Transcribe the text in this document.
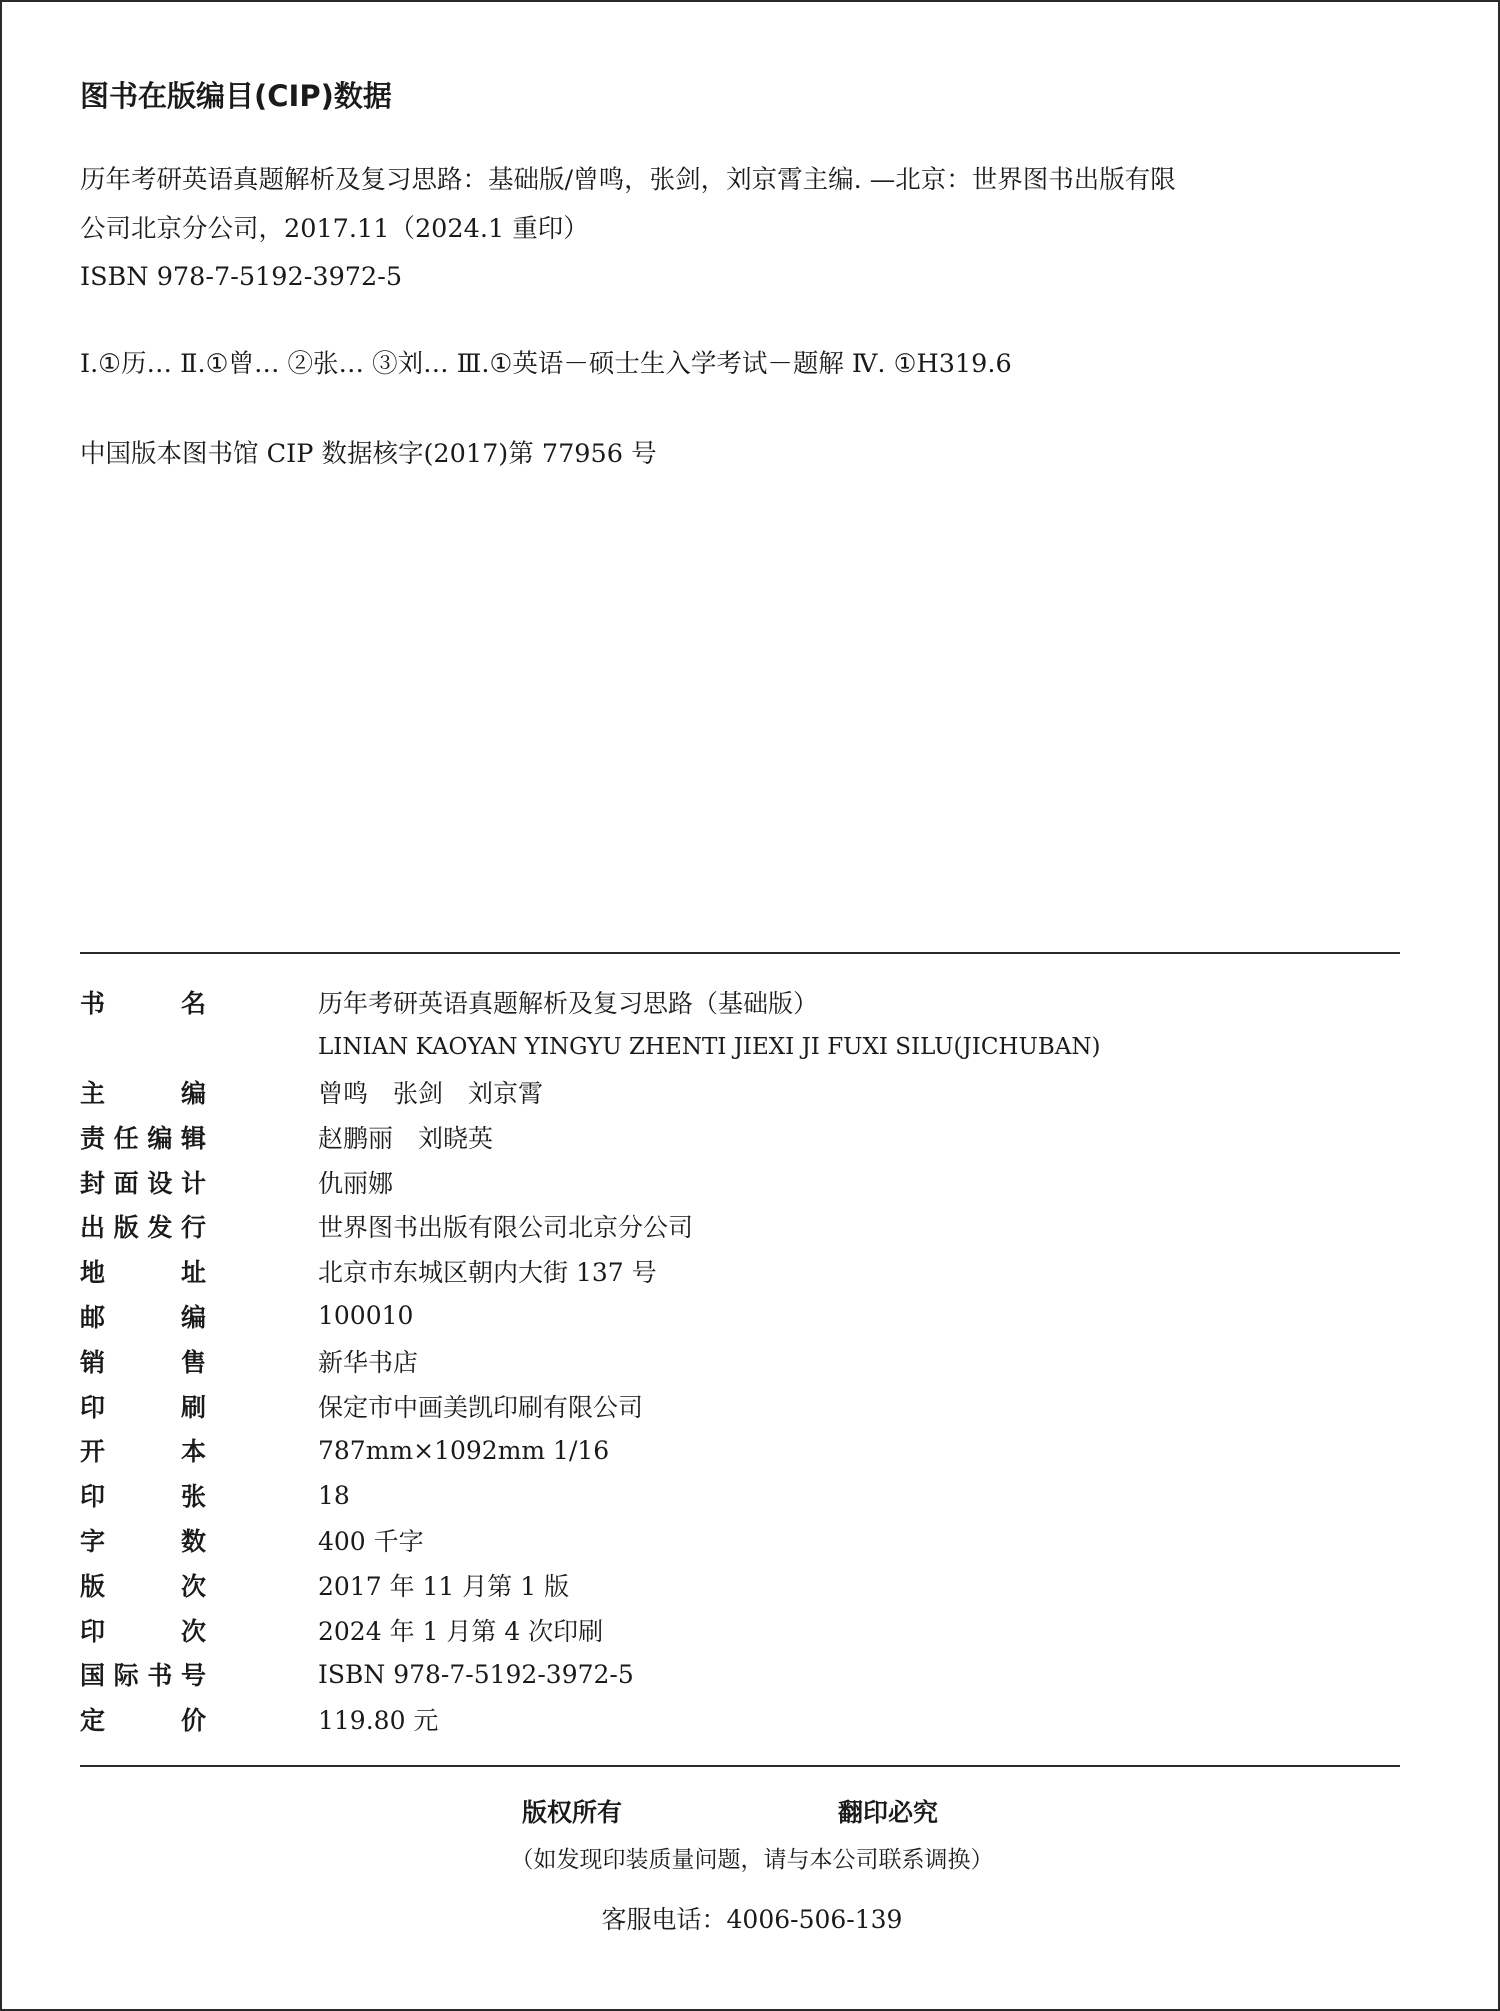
图书在版编目(CIP)数据
历年考研英语真题解析及复习思路：基础版/曾鸣，张剑，刘京霄主编. —北京：世界图书出版有限
公司北京分公司，2017.11（2024.1 重印）
ISBN 978-7-5192-3972-5
Ⅰ.①历… Ⅱ.①曾… ②张… ③刘… Ⅲ.①英语－硕士生入学考试－题解 Ⅳ. ①H319.6
中国版本图书馆 CIP 数据核字(2017)第 77956 号
书名	历年考研英语真题解析及复习思路（基础版）
LINIAN KAOYAN YINGYU ZHENTI JIEXI JI FUXI SILU(JICHUBAN)
主编	曾鸣　张剑　刘京霄
责任编辑	赵鹏丽　刘晓英
封面设计	仇丽娜
出版发行	世界图书出版有限公司北京分公司
地址	北京市东城区朝内大街 137 号
邮编	100010
销售	新华书店
印刷	保定市中画美凯印刷有限公司
开本	787mm×1092mm 1/16
印张	18
字数	400 千字
版次	2017 年 11 月第 1 版
印次	2024 年 1 月第 4 次印刷
国际书号	ISBN 978-7-5192-3972-5
定价	119.80 元
版权所有	翻印必究
（如发现印装质量问题，请与本公司联系调换）
客服电话：4006-506-139
